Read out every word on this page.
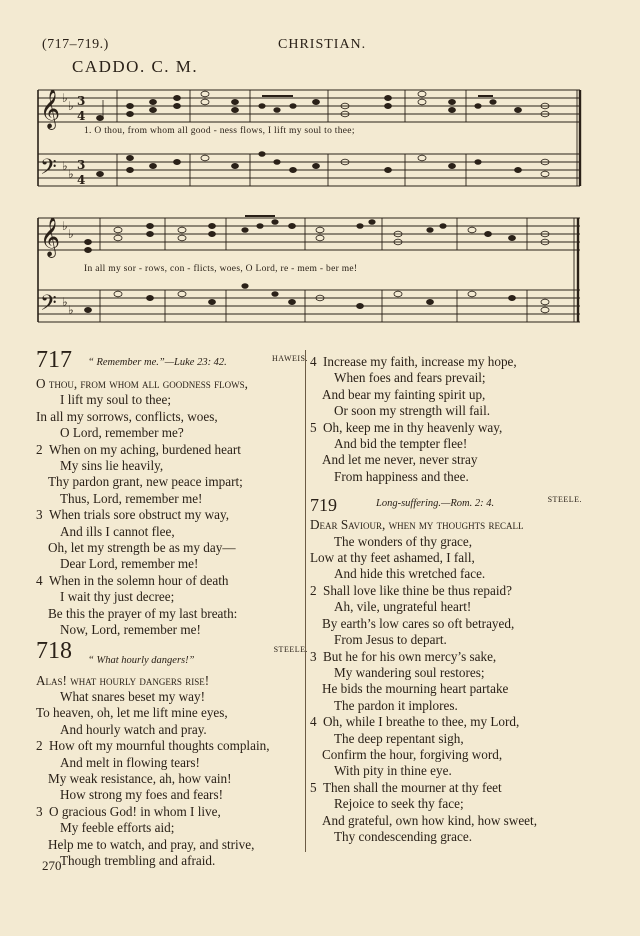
(717–719.)	CHRISTIAN.
CADDO. C. M.
𝄞
𝄢
♭
♭
♭
♭
3
4
3
4
1. O thou, from whom all good - ness flows, I lift my soul to thee;
𝄞
𝄢
♭
♭
♭
♭
In all my sor - rows, con - flicts, woes, O Lord, re - mem - ber me!
717 “ Remember me.”—Luke 23: 42.	HAWEIS.
O thou, from whom all goodness flows,
I lift my soul to thee;
In all my sorrows, conflicts, woes,
O Lord, remember me?
2 When on my aching, burdened heart
My sins lie heavily,
Thy pardon grant, new peace impart;
Thus, Lord, remember me!
3 When trials sore obstruct my way,
And ills I cannot flee,
Oh, let my strength be as my day—
Dear Lord, remember me!
4 When in the solemn hour of death
I wait thy just decree;
Be this the prayer of my last breath:
Now, Lord, remember me!
718 “ What hourly dangers!”
STEELE.
Alas! what hourly dangers rise!
What snares beset my way!
To heaven, oh, let me lift mine eyes,
And hourly watch and pray.
2 How oft my mournful thoughts complain,
And melt in flowing tears!
My weak resistance, ah, how vain!
How strong my foes and fears!
3 O gracious God! in whom I live,
My feeble efforts aid;
Help me to watch, and pray, and strive,
Though trembling and afraid.
4 Increase my faith, increase my hope,
When foes and fears prevail;
And bear my fainting spirit up,
Or soon my strength will fail.
5 Oh, keep me in thy heavenly way,
And bid the tempter flee!
And let me never, never stray
From happiness and thee.
719	Long-suffering.—Rom. 2: 4.	STEELE.
Dear Saviour, when my thoughts recall
The wonders of thy grace,
Low at thy feet ashamed, I fall,
And hide this wretched face.
2 Shall love like thine be thus repaid?
Ah, vile, ungrateful heart!
By earth’s low cares so oft betrayed,
From Jesus to depart.
3 But he for his own mercy’s sake,
My wandering soul restores;
He bids the mourning heart partake
The pardon it implores.
4 Oh, while I breathe to thee, my Lord,
The deep repentant sigh,
Confirm the hour, forgiving word,
With pity in thine eye.
5 Then shall the mourner at thy feet
Rejoice to seek thy face;
And grateful, own how kind, how sweet,
Thy condescending grace.
270
